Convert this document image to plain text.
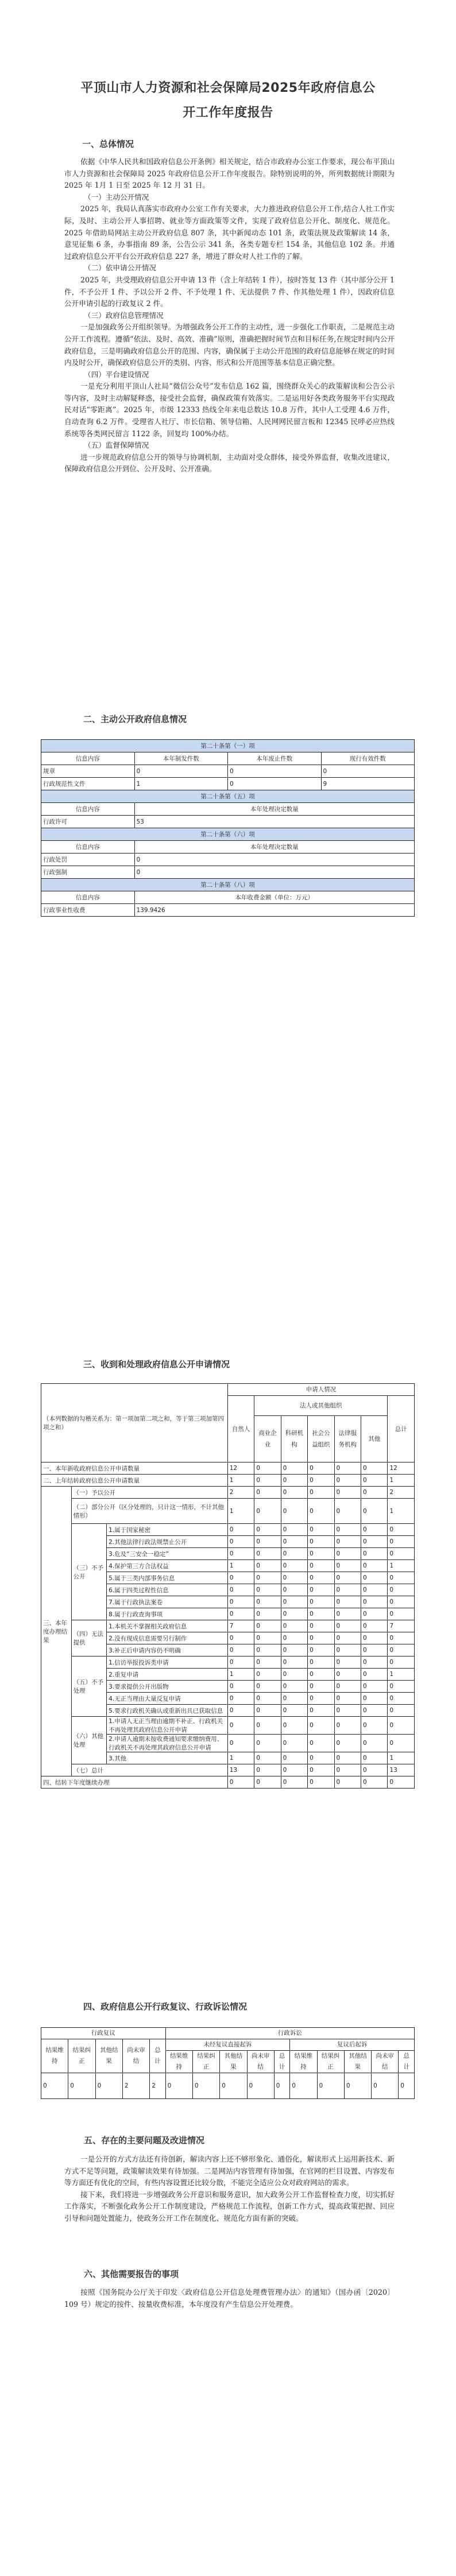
平顶山市人力资源和社会保障局2025年政府信息公
开工作年度报告
一、总体情况

依据《中华人民共和国政府信息公开条例》相关规定，结合市政府办公室工作要求，现公布平顶山市人力资源和社会保障局 2025 年政府信息公开工作年度报告。除特别说明的外，所列数据统计期限为 2025 年 1月 1 日至 2025 年 12 月 31 日。

（一）主动公开情况

2025 年，我局认真落实市政府办公室工作有关要求，大力推进政府信息公开工作,结合人社工作实际，及时、主动公开人事招聘、就业等方面政策等文件，实现了政府信息公开化、制度化、规范化。2025 年借助局网站主动公开政府信息 807 条，其中新闻动态 101 条，政策法规及政策解读 14 条，意见征集 6 条，办事指南 89 条，公告公示 341 条，各类专题专栏 154 条，其他信息 102 条。并通过政府信息公开平台公开政府信息 227 条，增进了群众对人社工作的了解。

（二）依申请公开情况

2025 年，共受理政府信息公开申请 13 件（含上年结转 1 件），按时答复 13 件（其中部分公开 1 件，不予公开 1 件、予以公开 2 件、不予处理 1 件、无法提供 7 件、作其他处理 1 件），因政府信息公开申请引起的行政复议 2 件。

（三）政府信息管理情况

一是加强政务公开组织领导。为增强政务公开工作的主动性，进一步强化工作职责，二是规范主动公开工作流程。遵循“依法、及时、高效、准确”原则，准确把握时间节点和目标任务,在规定时间内公开政府信息，三是明确政府信息公开的范围、内容，确保属于主动公开范围的政府信息能够在规定的时间内及时公开，确保政府信息公开的类别、内容、形式和公开范围等基本信息正确完整。

（四）平台建设情况

一是充分利用平顶山人社局“微信公众号”发布信息 162 篇，围绕群众关心的政策解读和公告公示等内容，及时主动解疑释惑，接受社会监督，确保政策有效落实。二是运用好各类政务服务平台实现政民对话“零距离”。2025 年，市级 12333 热线全年来电总数达 10.8 万件，其中人工受理 4.6 万件，自动查询 6.2 万件。受理省人社厅、市长信箱、领导信箱、人民网网民留言板和 12345 民呼必应热线系统等各类网民留言 1122 条，回复均 100%办结。

（五）监督保障情况

进一步规范政府信息公开的领导与协调机制，主动面对受众群体，接受外界监督，收集改进建议，保障政府信息公开到位、公开及时、公开准确。

二、主动公开政府信息情况
第二十条第（一）项			
信息内容	本年制发件数	本年废止件数	现行有效件数
规章	0	0	0
行政规范性文件	1	0	9
第二十条第（五）项			
信息内容	本年处理决定数量		
行政许可	53		
第二十条第（六）项			
信息内容	本年处理决定数量		
行政处罚	0		
行政强制	0		
第二十条第（八）项			
信息内容	本年收费金额（单位：万元）		
行政事业性收费	139.9426		
三、收到和处理政府信息公开申请情况
（本列数据的勾稽关系为：第一项加第二项之和，等于第三项加第四项之和）			申请人情况						
			自然人	法人或其他组织					总计
				商业企业	科研机构	社会公益组织	法律服务机构	其他	
一、本年新收政府信息公开申请数量			12	0	0	0	0	0	12
二、上年结转政府信息公开申请数量			1	0	0	0	0	0	1
三、本年度办理结果	（一）予以公开		2	0	0	0	0	0	2
	（二）部分公开（区分处理的，只计这一情形，不计其他情形）		1	0	0	0	0	0	1
	（三）不予公开	1.属于国家秘密	0	0	0	0	0	0	0
		2.其他法律行政法规禁止公开	0	0	0	0	0	0	0
		3.危及“三安全一稳定”	0	0	0	0	0	0	0
		4.保护第三方合法权益	1	0	0	0	0	0	1
		5.属于三类内部事务信息	0	0	0	0	0	0	0
		6.属于四类过程性信息	0	0	0	0	0	0	0
		7.属于行政执法案卷	0	0	0	0	0	0	0
		8.属于行政查询事项	0	0	0	0	0	0	0
	（四）无法提供	1.本机关不掌握相关政府信息	7	0	0	0	0	0	7
		2.没有现成信息需要另行制作	0	0	0	0	0	0	0
		3.补正后申请内容仍不明确	0	0	0	0	0	0	0
	（五）不予处理	1.信访举报投诉类申请	0	0	0	0	0	0	0
		2.重复申请	1	0	0	0	0	0	1
		3.要求提供公开出版物	0	0	0	0	0	0	0
		4.无正当理由大量反复申请	0	0	0	0	0	0	0
		5.要求行政机关确认或重新出具已获取信息	0	0	0	0	0	0	0
	（六）其他处理	1.申请人无正当理由逾期不补正、行政机关不再处理其政府信息公开申请	0	0	0	0	0	0	0
		2.申请人逾期未按收费通知要求缴纳费用、行政机关不再处理其政府信息公开申请	0	0	0	0	0	0	0
		3.其他	1	0	0	0	0	0	1
	（七）总计		13	0	0	0	0	0	13
四、结转下年度继续办理			0	0	0	0	0	0	0
四、政府信息公开行政复议、行政诉讼情况
行政复议					行政诉讼									
结果维持	结果纠正	其他结果	尚未审结	总计	未经复议直接起诉					复议后起诉				
					结果维持	结果纠正	其他结果	尚未审结	总计	结果维持	结果纠正	其他结果	尚未审结	总计
0	0	0	2	2	0	0	0	0	0	0	0	0	0	0
五、存在的主要问题及改进情况

一是公开的方式方法还有待创新，解读内容上还不够形象化、通俗化，解读形式上运用新技术、新方式不足等问题，政策解读效果有待加强。二是网站内容管理有待加强，在官网的栏目设置、内容发布等方面还有优化的空间，有些内容设置还比较分散，不能完全适应公众对政府网站的需求。

接下来，我们将进一步增强政务公开意识和服务意识，加大政务公开工作监督检查力度，切实抓好工作落实，不断强化政务公开工作制度建设，严格规范工作流程，创新工作方式，提高政策把握、回应引导和问题处置能力，使政务公开工作在制度化、规范化方面有新的突破。

六、其他需要报告的事项

按照《国务院办公厅关于印发〈政府信息公开信息处理费管理办法〉的通知》（国办函〔2020〕109 号）规定的按件、按量收费标准，本年度没有产生信息公开处理费。
